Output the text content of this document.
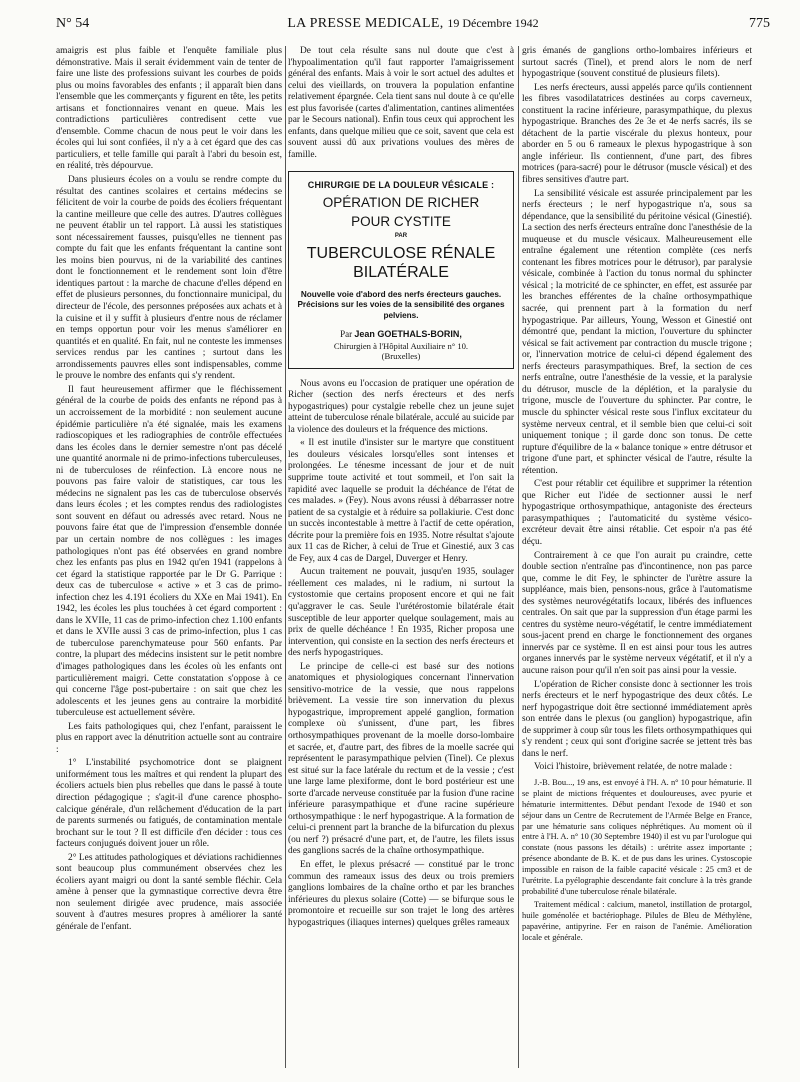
N° 54	LA PRESSE MEDICALE, 19 Décembre 1942	775

amaigris est plus faible et l'enquête familiale plus démonstrative. Mais il serait évidemment vain de tenter de faire une liste des professions suivant les courbes de poids plus ou moins favorables des enfants ; il apparaît bien dans l'ensemble que les commerçants y figurent en tête, les petits artisans et fonctionnaires venant en queue. Mais les contradictions particulières contredisent cette vue d'ensemble. Comme chacun de nous peut le voir dans les écoles qui lui sont confiées, il n'y a à cet égard que des cas particuliers, et telle famille qui paraît à l'abri du besoin est, en réalité, très dépourvue.

Dans plusieurs écoles on a voulu se rendre compte du résultat des cantines scolaires et certains médecins se félicitent de voir la courbe de poids des écoliers fréquentant la cantine meilleure que celle des autres. D'autres collègues ne peuvent établir un tel rapport. Là aussi les statistiques sont nécessairement fausses, puisqu'elles ne tiennent pas compte du fait que les enfants fréquentant la cantine sont les moins bien pourvus, ni de la variabilité des cantines dont le fonctionnement et le rendement sont loin d'être identiques partout : la marche de chacune d'elles dépend en effet de plusieurs personnes, du fonctionnaire municipal, du directeur de l'école, des personnes préposées aux achats et à la cuisine et il y suffit à plusieurs d'entre nous de réclamer en temps opportun pour voir les menus s'améliorer en quantités et en qualité. En fait, nul ne conteste les immenses services rendus par les cantines ; surtout dans les arrondissements pauvres elles sont indispensables, comme le prouve le nombre des enfants qui s'y rendent.

Il faut heureusement affirmer que le fléchissement général de la courbe de poids des enfants ne répond pas à un accroissement de la morbidité : non seulement aucune épidémie particulière n'a été signalée, mais les examens radioscopiques et les radiographies de contrôle effectuées dans les écoles dans le dernier semestre n'ont pas décelé une quantité anormale ni de primo-infections tuberculeuses, ni de tuberculoses de réinfection. Là encore nous ne pouvons pas faire valoir de statistiques, car tous les médecins ne signalent pas les cas de tuberculose observés dans leurs écoles ; et les comptes rendus des radiologistes sont souvent en défaut ou adressés avec retard. Nous ne pouvons faire état que de l'impression d'ensemble donnée par un certain nombre de nos collègues : les images pathologiques n'ont pas été observées en grand nombre chez les enfants pas plus en 1942 qu'en 1941 (rappelons à cet égard la statistique rapportée par le Dr G. Parrique : deux cas de tuberculose « active » et 3 cas de primo-infection chez les 4.191 écoliers du XXe en Mai 1941). En 1942, les écoles les plus touchées à cet égard comportent : dans le XVIIe, 11 cas de primo-infection chez 1.100 enfants et dans le XVIIe aussi 3 cas de primo-infection, plus 1 cas de tuberculose parenchymateuse pour 560 enfants. Par contre, la plupart des médecins insistent sur le petit nombre d'images pathologiques dans les écoles où les enfants ont particulièrement maigri. Cette constatation s'oppose à ce qui concerne l'âge post-pubertaire : on sait que chez les adolescents et les jeunes gens au contraire la morbidité tuberculeuse est actuellement sévère.

Les faits pathologiques qui, chez l'enfant, paraissent le plus en rapport avec la dénutrition actuelle sont au contraire :

1° L'instabilité psychomotrice dont se plaignent uniformément tous les maîtres et qui rendent la plupart des écoliers actuels bien plus rebelles que dans le passé à toute direction pédagogique ; s'agit-il d'une carence phospho-calcique générale, d'un relâchement d'éducation de la part de parents surmenés ou fatigués, de contamination mentale brochant sur le tout ? Il est difficile d'en décider : tous ces facteurs conjugués doivent jouer un rôle.

2° Les attitudes pathologiques et déviations rachidiennes sont beaucoup plus communément observées chez les écoliers ayant maigri ou dont la santé semble fléchir. Cela amène à penser que la gymnastique corrective devra être non seulement dirigée avec prudence, mais associée souvent à d'autres mesures propres à améliorer la santé générale de l'enfant.

De tout cela résulte sans nul doute que c'est à l'hypoalimentation qu'il faut rapporter l'amaigrissement général des enfants. Mais à voir le sort actuel des adultes et celui des vieillards, on trouvera la population enfantine relativement épargnée. Cela tient sans nul doute à ce qu'elle est plus favorisée (cartes d'alimentation, cantines alimentées par le Secours national). Enfin tous ceux qui approchent les enfants, dans quelque milieu que ce soit, savent que cela est souvent aussi dû aux privations voulues des mères de famille.

CHIRURGIE DE LA DOULEUR VÉSICALE :
OPÉRATION DE RICHER
POUR CYSTITE
PAR
TUBERCULOSE RÉNALE
BILATÉRALE
Nouvelle voie d'abord des nerfs érecteurs gauches. Précisions sur les voies de la sensibilité des organes pelviens.
Par Jean GOETHALS-BORIN,
Chirurgien à l'Hôpital Auxiliaire n° 10.
(Bruxelles)

Nous avons eu l'occasion de pratiquer une opération de Richer (section des nerfs érecteurs et des nerfs hypogastriques) pour cystalgie rebelle chez un jeune sujet atteint de tuberculose rénale bilatérale, acculé au suicide par la violence des douleurs et la fréquence des mictions.

« Il est inutile d'insister sur le martyre que constituent les douleurs vésicales lorsqu'elles sont intenses et prolongées. Le ténesme incessant de jour et de nuit supprime toute activité et tout sommeil, et l'on sait la rapidité avec laquelle se produit la déchéance de l'état de ces malades. » (Fey). Nous avons réussi à débarrasser notre patient de sa cystalgie et à réduire sa pollakiurie. C'est donc un succès incontestable à mettre à l'actif de cette opération, décrite pour la première fois en 1935. Notre résultat s'ajoute aux 11 cas de Richer, à celui de True et Ginestié, aux 3 cas de Fey, aux 4 cas de Dargel, Duverger et Henry.

Aucun traitement ne pouvait, jusqu'en 1935, soulager réellement ces malades, ni le radium, ni surtout la cystostomie que certains proposent encore et qui ne fait qu'aggraver le cas. Seule l'urétérostomie bilatérale était susceptible de leur apporter quelque soulagement, mais au prix de quelle déchéance ! En 1935, Richer proposa une intervention, qui consiste en la section des nerfs érecteurs et des nerfs hypogastriques.

Le principe de celle-ci est basé sur des notions anatomiques et physiologiques concernant l'innervation sensitivo-motrice de la vessie, que nous rappelons brièvement. La vessie tire son innervation du plexus hypogastrique, improprement appelé ganglion, formation complexe où s'unissent, d'une part, les fibres orthosympathiques provenant de la moelle dorso-lombaire et sacrée, et, d'autre part, des fibres de la moelle sacrée qui représentent le parasympathique pelvien (Tinel). Ce plexus est situé sur la face latérale du rectum et de la vessie ; c'est une large lame plexiforme, dont le bord postérieur est une sorte d'arcade nerveuse constituée par la fusion d'une racine inférieure parasympathique et d'une racine supérieure orthosympathique : le nerf hypogastrique. A la formation de celui-ci prennent part la branche de la bifurcation du plexus (ou nerf ?) présacré d'une part, et, de l'autre, les filets issus des ganglions sacrés de la chaîne orthosympathique.

En effet, le plexus présacré — constitué par le tronc commun des rameaux issus des deux ou trois premiers ganglions lombaires de la chaîne ortho et par les branches inférieures du plexus solaire (Cotte) — se bifurque sous le promontoire et recueille sur son trajet le long des artères hypogastriques (iliaques internes) quelques grêles rameaux

gris émanés de ganglions ortho-lombaires inférieurs et surtout sacrés (Tinel), et prend alors le nom de nerf hypogastrique (souvent constitué de plusieurs filets).

Les nerfs érecteurs, aussi appelés parce qu'ils contiennent les fibres vasodilatatrices destinées au corps caverneux, constituent la racine inférieure, parasympathique, du plexus hypogastrique. Branches des 2e 3e et 4e nerfs sacrés, ils se détachent de la partie viscérale du plexus honteux, pour aborder en 5 ou 6 rameaux le plexus hypogastrique à son angle inférieur. Ils contiennent, d'une part, des fibres motrices (para-sacré) pour le détrusor (muscle vésical) et des fibres sensitives d'autre part.

La sensibilité vésicale est assurée principalement par les nerfs érecteurs ; le nerf hypogastrique n'a, sous sa dépendance, que la sensibilité du péritoine vésical (Ginestié). La section des nerfs érecteurs entraîne donc l'anesthésie de la muqueuse et du muscle vésicaux. Malheureusement elle entraîne également une rétention complète (ces nerfs contenant les fibres motrices pour le détrusor), par paralysie vésicale, combinée à l'action du tonus normal du sphincter vésical ; la motricité de ce sphincter, en effet, est assurée par les branches efférentes de la chaîne orthosympathique sacrée, qui prennent part à la formation du nerf hypogastrique. Par ailleurs, Young, Wesson et Ginestié ont démontré que, pendant la miction, l'ouverture du sphincter vésical se fait activement par contraction du muscle trigone ; or, l'innervation motrice de celui-ci dépend également des nerfs érecteurs parasympathiques. Bref, la section de ces nerfs entraîne, outre l'anesthésie de la vessie, et la paralysie du détrusor, muscle de la déplétion, et la paralysie du trigone, muscle de l'ouverture du sphincter. Par contre, le muscle du sphincter vésical reste sous l'influx excitateur du système nerveux central, et il semble bien que celui-ci soit uniquement tonique ; il garde donc son tonus. De cette rupture d'équilibre de la « balance tonique » entre détrusor et trigone d'une part, et sphincter vésical de l'autre, résulte la rétention.

C'est pour rétablir cet équilibre et supprimer la rétention que Richer eut l'idée de sectionner aussi le nerf hypogastrique orthosympathique, antagoniste des érecteurs parasympathiques ; l'automaticité du système vésico-excréteur devait être ainsi rétablie. Cet espoir n'a pas été déçu.

Contrairement à ce que l'on aurait pu craindre, cette double section n'entraîne pas d'incontinence, non pas parce que, comme le dit Fey, le sphincter de l'urètre assure la suppléance, mais bien, pensons-nous, grâce à l'automatisme des systèmes neurovégétatifs locaux, libérés des influences centrales. On sait que par la suppression d'un étage parmi les centres du système neuro-végétatif, le centre immédiatement sous-jacent prend en charge le fonctionnement des organes innervés par ce système. Il en est ainsi pour tous les autres organes innervés par le système nerveux végétatif, et il n'y a aucune raison pour qu'il n'en soit pas ainsi pour la vessie.

L'opération de Richer consiste donc à sectionner les trois nerfs érecteurs et le nerf hypogastrique des deux côtés. Le nerf hypogastrique doit être sectionné immédiatement après son entrée dans le plexus (ou ganglion) hypogastrique, afin de supprimer à coup sûr tous les filets orthosympathiques qui s'y rendent ; ceux qui sont d'origine sacrée se jettent très bas dans le nerf.

Voici l'histoire, brièvement relatée, de notre malade :

J.-B. Bou..., 19 ans, est envoyé à l'H. A. n° 10 pour hématurie. Il se plaint de mictions fréquentes et douloureuses, avec pyurie et hématurie intermittentes. Début pendant l'exode de 1940 et son séjour dans un Centre de Recrutement de l'Armée Belge en France, par une hématurie sans coliques néphrétiques. Au moment où il entre à l'H. A. n° 10 (30 Septembre 1940) il est vu par l'urologue qui constate (nous passons les détails) : urétrite assez importante ; présence abondante de B. K. et de pus dans les urines. Cystoscopie impossible en raison de la faible capacité vésicale : 25 cm3 et de l'urétrite. La pyélographie descendante fait conclure à la très grande probabilité d'une tuberculose rénale bilatérale.

Traitement médical : calcium, manetol, instillation de protargol, huile goménolée et bactériophage. Pilules de Bleu de Méthylène, papavérine, antipyrine. Fer en raison de l'anémie. Amélioration locale et générale.
